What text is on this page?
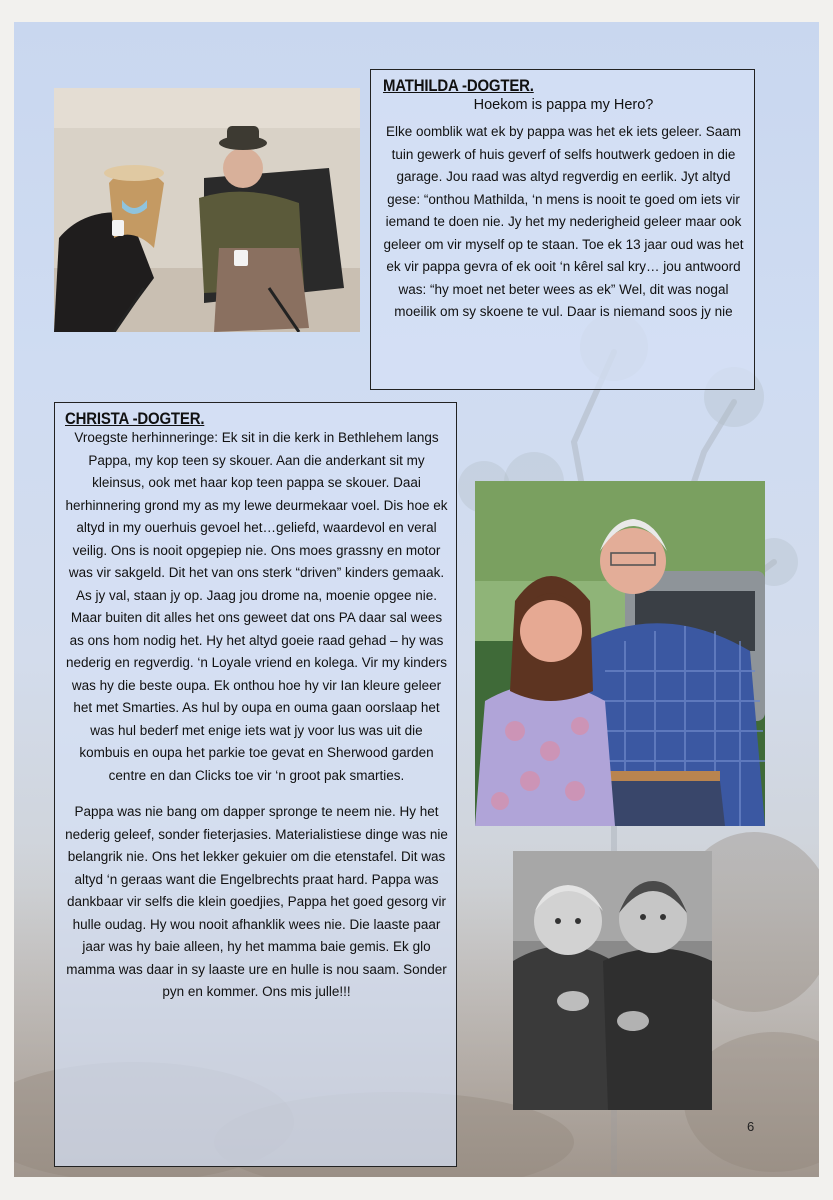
MATHILDA -DOGTER.
Hoekom is pappa my Hero?

Elke oomblik wat ek by pappa was het ek iets geleer. Saam tuin gewerk of huis geverf of selfs houtwerk gedoen in die garage. Jou raad was altyd regverdig en eerlik. Jyt altyd gese: “onthou Mathilda, ‘n mens is nooit te goed om iets vir iemand te doen nie. Jy het my nederigheid geleer maar ook geleer om vir myself op te staan. Toe ek 13 jaar oud was het ek vir pappa gevra of ek ooit ‘n kêrel sal kry… jou antwoord was: “hy moet net beter wees as ek” Wel, dit was nogal moeilik om sy skoene te vul. Daar is niemand soos jy nie

CHRISTA -DOGTER.

Vroegste herhinneringe: Ek sit in die kerk in Bethlehem langs Pappa, my kop teen sy skouer. Aan die anderkant sit my kleinsus, ook met haar kop teen pappa se skouer. Daai herhinnering grond my as my lewe deurmekaar voel. Dis hoe ek altyd in my ouerhuis gevoel het…geliefd, waardevol en veral veilig. Ons is nooit opgepiep nie. Ons moes grassny en motor was vir sakgeld. Dit het van ons sterk “driven” kinders gemaak. As jy val, staan jy op. Jaag jou drome na, moenie opgee nie. Maar buiten dit alles het ons geweet dat ons PA daar sal wees as ons hom nodig het. Hy het altyd goeie raad gehad – hy was nederig en regverdig. ‘n Loyale vriend en kolega. Vir my kinders was hy die beste oupa. Ek onthou hoe hy vir Ian kleure geleer het met Smarties. As hul by oupa en ouma gaan oorslaap het was hul bederf met enige iets wat jy voor lus was uit die kombuis en oupa het parkie toe gevat en Sherwood garden centre en dan Clicks toe vir ‘n groot pak smarties.

Pappa was nie bang om dapper spronge te neem nie. Hy het nederig geleef, sonder fieterjasies. Materialistiese dinge was nie belangrik nie. Ons het lekker gekuier om die etenstafel. Dit was altyd ‘n geraas want die Engelbrechts praat hard. Pappa was dankbaar vir selfs die klein goedjies, Pappa het goed gesorg vir hulle oudag. Hy wou nooit afhanklik wees nie. Die laaste paar jaar was hy baie alleen, hy het mamma baie gemis. Ek glo mamma was daar in sy laaste ure en hulle is nou saam. Sonder pyn en kommer. Ons mis julle!!!

6
